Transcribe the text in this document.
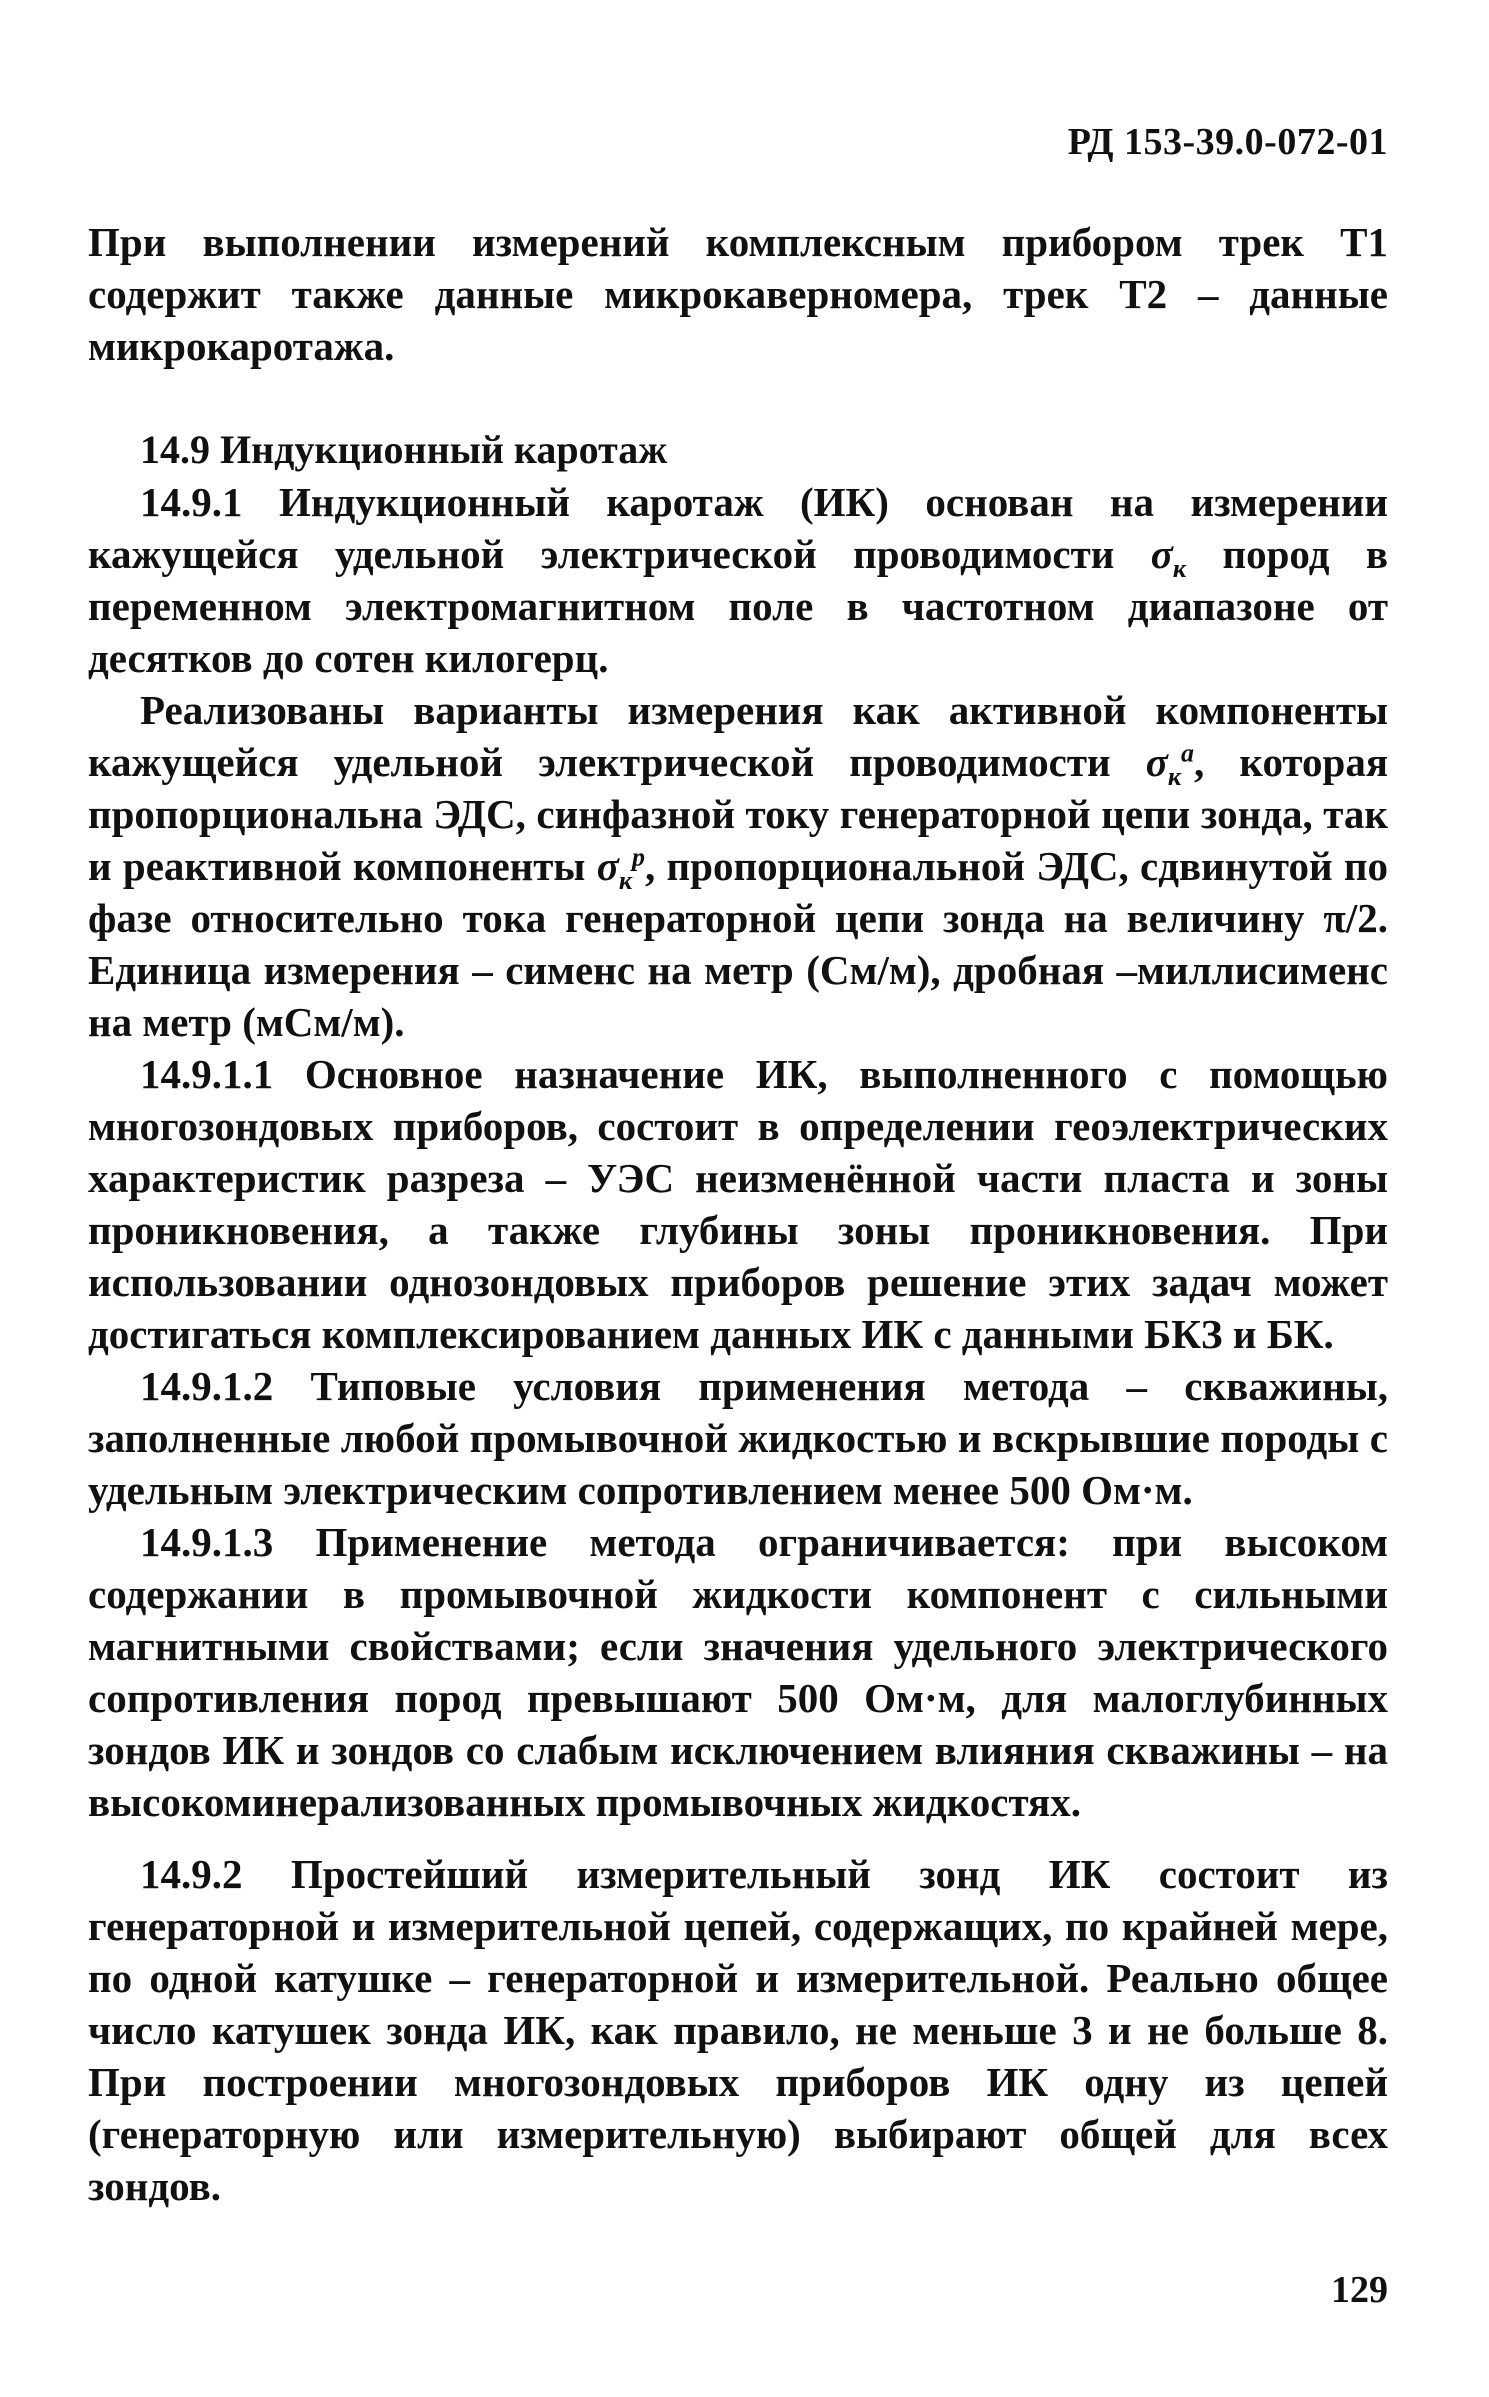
РД 153-39.0-072-01

При выполнении измерений комплексным прибором трек Т1 содержит также данные микрокаверномера, трек Т2 – данные микрокаротажа.

14.9 Индукционный каротаж

14.9.1 Индукционный каротаж (ИК) основан на измерении кажущейся удельной электрической проводимости $\sigma_к$ пород в переменном электромагнитном поле в частотном диапазоне от десятков до сотен килогерц.

Реализованы варианты измерения как активной компоненты кажущейся удельной электрической проводимости $\sigma_к^а$, которая пропорциональна ЭДС, синфазной току генераторной цепи зонда, так и реактивной компоненты $\sigma_к^р$, пропорциональной ЭДС, сдвинутой по фазе относительно тока генераторной цепи зонда на величину π/2. Единица измерения – сименс на метр (См/м), дробная –миллисименс на метр (мСм/м).

14.9.1.1 Основное назначение ИК, выполненного с помощью многозондовых приборов, состоит в определении геоэлектрических характеристик разреза – УЭС неизменённой части пласта и зоны проникновения, а также глубины зоны проникновения. При использовании однозондовых приборов решение этих задач может достигаться комплексированием данных ИК с данными БКЗ и БК.

14.9.1.2 Типовые условия применения метода – скважины, заполненные любой промывочной жидкостью и вскрывшие породы с удельным электрическим сопротивлением менее 500 Ом·м.

14.9.1.3 Применение метода ограничивается: при высоком содержании в промывочной жидкости компонент с сильными магнитными свойствами; если значения удельного электрического сопротивления пород превышают 500 Ом·м, для малоглубинных зондов ИК и зондов со слабым исключением влияния скважины – на высокоминерализованных промывочных жидкостях.

14.9.2 Простейший измерительный зонд ИК состоит из генераторной и измерительной цепей, содержащих, по крайней мере, по одной катушке – генераторной и измерительной. Реально общее число катушек зонда ИК, как правило, не меньше 3 и не больше 8. При построении многозондовых приборов ИК одну из цепей (генераторную или измерительную) выбирают общей для всех зондов.

129
